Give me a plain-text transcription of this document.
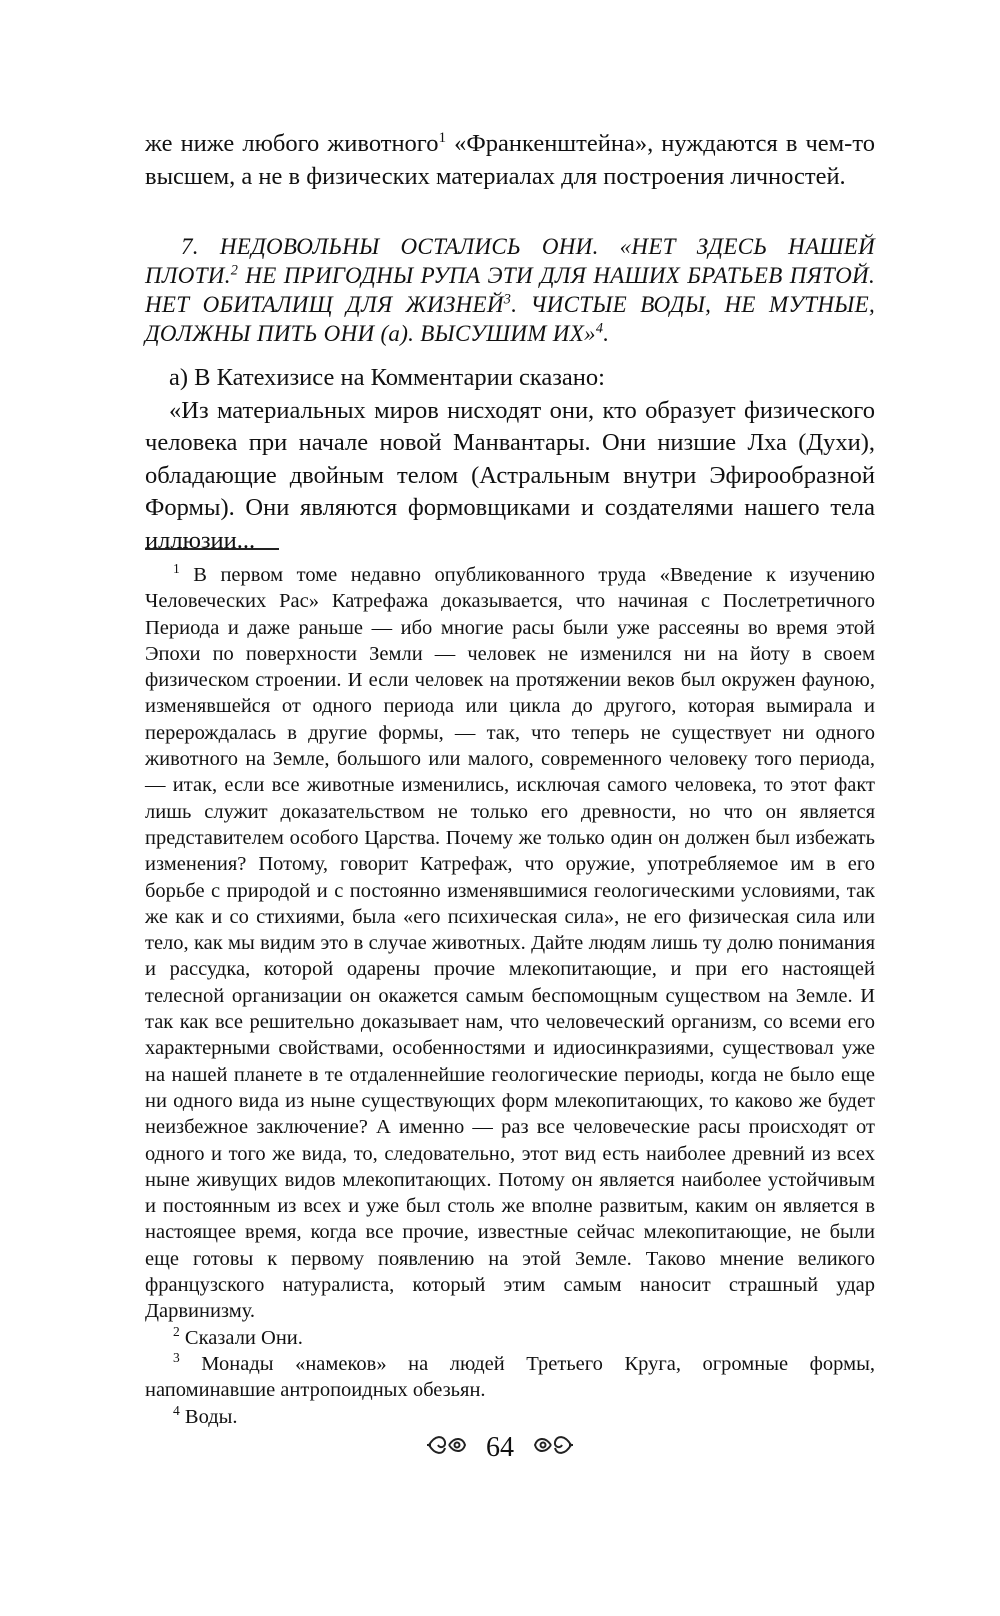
же ниже любого животного$^1$ «Франкенштейна», нуждаются в чем-то высшем, а не в физических материалах для построения личностей.

7. НЕДОВОЛЬНЫ ОСТАЛИСЬ ОНИ. «НЕТ ЗДЕСЬ НАШЕЙ ПЛОТИ.$^2$ НЕ ПРИГОДНЫ РУПА ЭТИ ДЛЯ НАШИХ БРАТЬЕВ ПЯТОЙ. НЕТ ОБИТАЛИЩ ДЛЯ ЖИЗНЕЙ$^3$. ЧИСТЫЕ ВОДЫ, НЕ МУТНЫЕ, ДОЛЖНЫ ПИТЬ ОНИ (а). ВЫСУШИМ ИХ»$^4$.

а) В Катехизисе на Комментарии сказано:

«Из материальных миров нисходят они, кто образует физического человека при начале новой Манвантары. Они низшие Лха (Духи), обладающие двойным телом (Астральным внутри Эфирообразной Формы). Они являются формовщиками и создателями нашего тела иллюзии...

$^1$ В первом томе недавно опубликованного труда «Введение к изучению Человеческих Рас» Катрефажа доказывается, что начиная с Послетретичного Периода и даже раньше — ибо многие расы были уже рассеяны во время этой Эпохи по поверхности Земли — человек не изменился ни на йоту в своем физическом строении. И если человек на протяжении веков был окружен фауною, изменявшейся от одного периода или цикла до другого, которая вымирала и перерождалась в другие формы, — так, что теперь не существует ни одного животного на Земле, большого или малого, современного человеку того периода, — итак, если все животные изменились, исключая самого человека, то этот факт лишь служит доказательством не только его древности, но что он является представителем особого Царства. Почему же только один он должен был избежать изменения? Потому, говорит Катрефаж, что оружие, употребляемое им в его борьбе с природой и с постоянно изменявшимися геологическими условиями, так же как и со стихиями, была «его психическая сила», не его физическая сила или тело, как мы видим это в случае животных. Дайте людям лишь ту долю понимания и рассудка, которой одарены прочие млекопитающие, и при его настоящей телесной организации он окажется самым беспомощным существом на Земле. И так как все решительно доказывает нам, что человеческий организм, со всеми его характерными свойствами, особенностями и идиосинкразиями, существовал уже на нашей планете в те отдаленнейшие геологические периоды, когда не было еще ни одного вида из ныне существующих форм млекопитающих, то каково же будет неизбежное заключение? А именно — раз все человеческие расы происходят от одного и того же вида, то, следовательно, этот вид есть наиболее древний из всех ныне живущих видов млекопитающих. Потому он является наиболее устойчивым и постоянным из всех и уже был столь же вполне развитым, каким он является в настоящее время, когда все прочие, известные сейчас млекопитающие, не были еще готовы к первому появлению на этой Земле. Таково мнение великого французского натуралиста, который этим самым наносит страшный удар Дарвинизму.

$^2$ Сказали Они.

$^3$ Монады «намеков» на людей Третьего Круга, огромные формы, напоминавшие антропоидных обезьян.

$^4$ Воды.

64
